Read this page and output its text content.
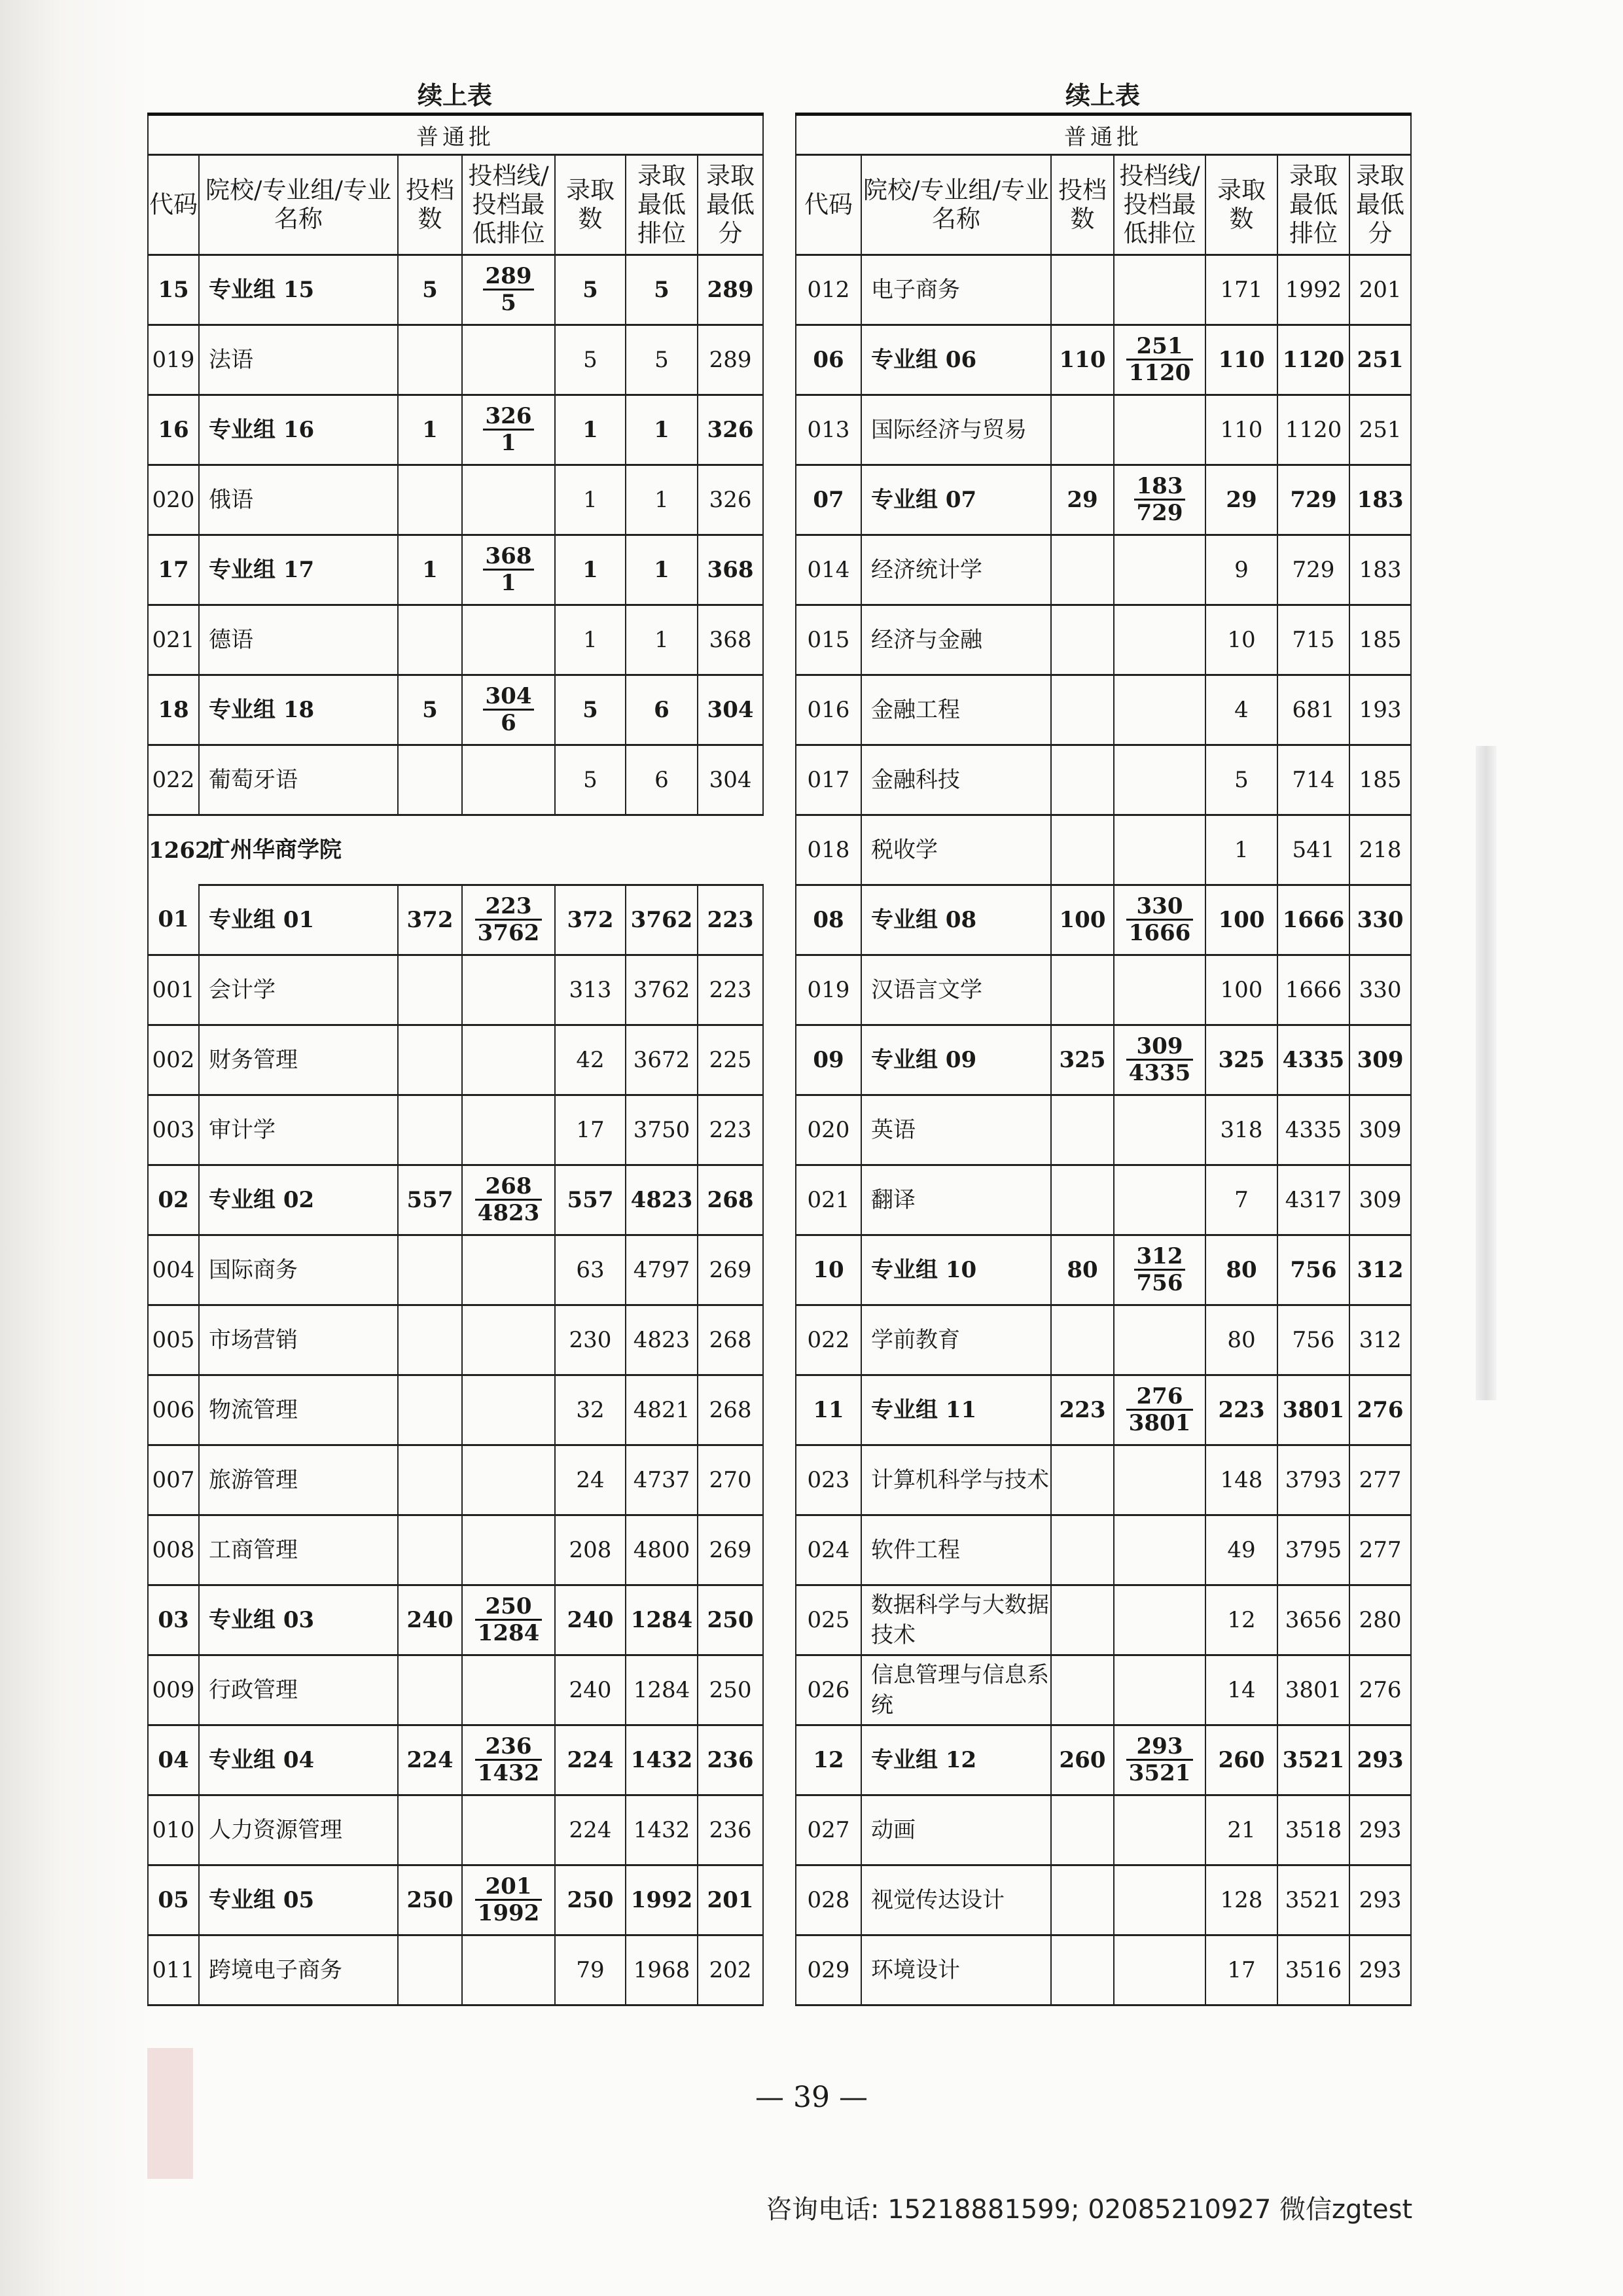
续上表
普通批						
代码	院校/专业组/专业名称	投档数	投档线/投档最低排位	录取数	录取最低排位	录取最低分
15	专业组 15	5	$\frac{289}{5}$	5	5	289
019	法语			5	5	289
16	专业组 16	1	$\frac{326}{1}$	1	1	326
020	俄语			1	1	326
17	专业组 17	1	$\frac{368}{1}$	1	1	368
021	德语			1	1	368
18	专业组 18	5	$\frac{304}{6}$	5	6	304
022	葡萄牙语			5	6	304
12621	广州华商学院					
01	专业组 01	372	$\frac{223}{3762}$	372	3762	223
001	会计学			313	3762	223
002	财务管理			42	3672	225
003	审计学			17	3750	223
02	专业组 02	557	$\frac{268}{4823}$	557	4823	268
004	国际商务			63	4797	269
005	市场营销			230	4823	268
006	物流管理			32	4821	268
007	旅游管理			24	4737	270
008	工商管理			208	4800	269
03	专业组 03	240	$\frac{250}{1284}$	240	1284	250
009	行政管理			240	1284	250
04	专业组 04	224	$\frac{236}{1432}$	224	1432	236
010	人力资源管理			224	1432	236
05	专业组 05	250	$\frac{201}{1992}$	250	1992	201
011	跨境电子商务			79	1968	202
续上表
普通批						
代码	院校/专业组/专业名称	投档数	投档线/投档最低排位	录取数	录取最低排位	录取最低分
012	电子商务			171	1992	201
06	专业组 06	110	$\frac{251}{1120}$	110	1120	251
013	国际经济与贸易			110	1120	251
07	专业组 07	29	$\frac{183}{729}$	29	729	183
014	经济统计学			9	729	183
015	经济与金融			10	715	185
016	金融工程			4	681	193
017	金融科技			5	714	185
018	税收学			1	541	218
08	专业组 08	100	$\frac{330}{1666}$	100	1666	330
019	汉语言文学			100	1666	330
09	专业组 09	325	$\frac{309}{4335}$	325	4335	309
020	英语			318	4335	309
021	翻译			7	4317	309
10	专业组 10	80	$\frac{312}{756}$	80	756	312
022	学前教育			80	756	312
11	专业组 11	223	$\frac{276}{3801}$	223	3801	276
023	计算机科学与技术			148	3793	277
024	软件工程			49	3795	277
025	数据科学与大数据技术			12	3656	280
026	信息管理与信息系统			14	3801	276
12	专业组 12	260	$\frac{293}{3521}$	260	3521	293
027	动画			21	3518	293
028	视觉传达设计			128	3521	293
029	环境设计			17	3516	293
— 39 —
咨询电话: 15218881599; 02085210927 微信zgtest
